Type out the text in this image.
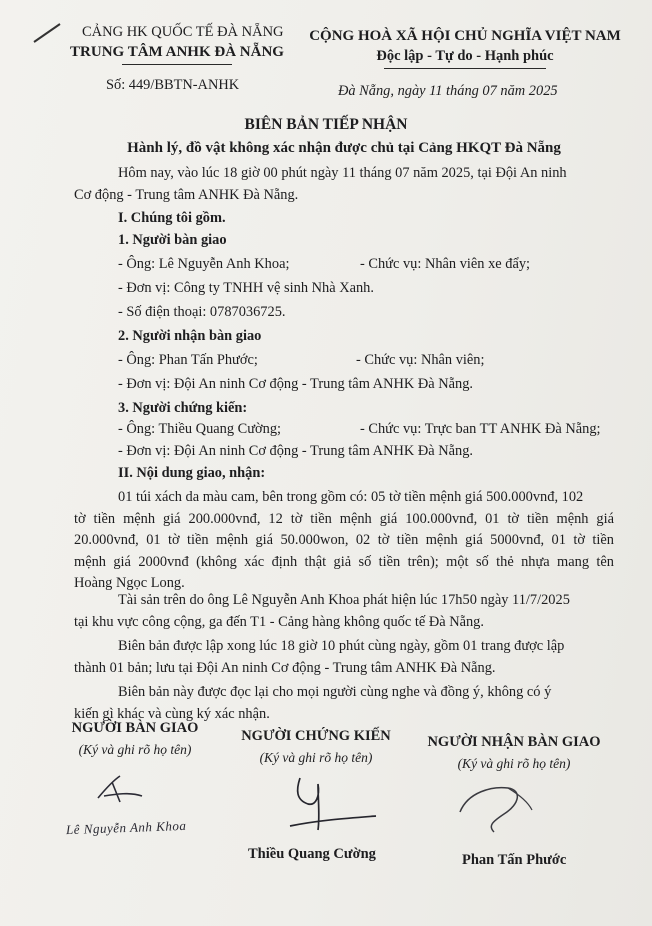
CẢNG HK QUỐC TẾ ĐÀ NẴNG
TRUNG TÂM ANHK ĐÀ NẴNG
Số: 449/BBTN-ANHK
CỘNG HOÀ XÃ HỘI CHỦ NGHĨA VIỆT NAM
Độc lập - Tự do - Hạnh phúc
Đà Nẵng, ngày 11 tháng 07 năm 2025
BIÊN BẢN TIẾP NHẬN
Hành lý, đồ vật không xác nhận được chủ tại Cảng HKQT Đà Nẵng
Hôm nay, vào lúc 18 giờ 00 phút ngày 11 tháng 07 năm 2025, tại Đội An ninh
Cơ động - Trung tâm ANHK Đà Nẵng.
I. Chúng tôi gồm.
1. Người bàn giao
- Ông: Lê Nguyễn Anh Khoa;	- Chức vụ: Nhân viên xe đẩy;
- Đơn vị: Công ty TNHH vệ sinh Nhà Xanh.
- Số điện thoại: 0787036725.
2. Người nhận bàn giao
- Ông: Phan Tấn Phước;	- Chức vụ: Nhân viên;
- Đơn vị: Đội An ninh Cơ động - Trung tâm ANHK Đà Nẵng.
3. Người chứng kiến:
- Ông: Thiều Quang Cường;	- Chức vụ: Trực ban TT ANHK Đà Nẵng;
- Đơn vị: Đội An ninh Cơ động - Trung tâm ANHK Đà Nẵng.
II. Nội dung giao, nhận:
01 túi xách da màu cam, bên trong gồm có: 05 tờ tiền mệnh giá 500.000vnđ, 102
tờ tiền mệnh giá 200.000vnđ, 12 tờ tiền mệnh giá 100.000vnđ, 01 tờ tiền mệnh giá
20.000vnđ, 01 tờ tiền mệnh giá 50.000won, 02 tờ tiền mệnh giá 5000vnđ, 01 tờ tiền
mệnh giá 2000vnđ (không xác định thật giả số tiền trên); một số thẻ nhựa mang tên
Hoàng Ngọc Long.
Tài sản trên do ông Lê Nguyễn Anh Khoa phát hiện lúc 17h50 ngày 11/7/2025
tại khu vực công cộng, ga đến T1 - Cảng hàng không quốc tế Đà Nẵng.
Biên bản được lập xong lúc 18 giờ 10 phút cùng ngày, gồm 01 trang được lập
thành 01 bản; lưu tại Đội An ninh Cơ động - Trung tâm ANHK Đà Nẵng.
Biên bản này được đọc lại cho mọi người cùng nghe và đồng ý, không có ý
kiến gì khác và cùng ký xác nhận.
NGƯỜI BÀN GIAO
(Ký và ghi rõ họ tên)
NGƯỜI CHỨNG KIẾN
(Ký và ghi rõ họ tên)
NGƯỜI NHẬN BÀN GIAO
(Ký và ghi rõ họ tên)
Lê Nguyễn Anh Khoa
Thiều Quang Cường	Phan Tấn Phước
